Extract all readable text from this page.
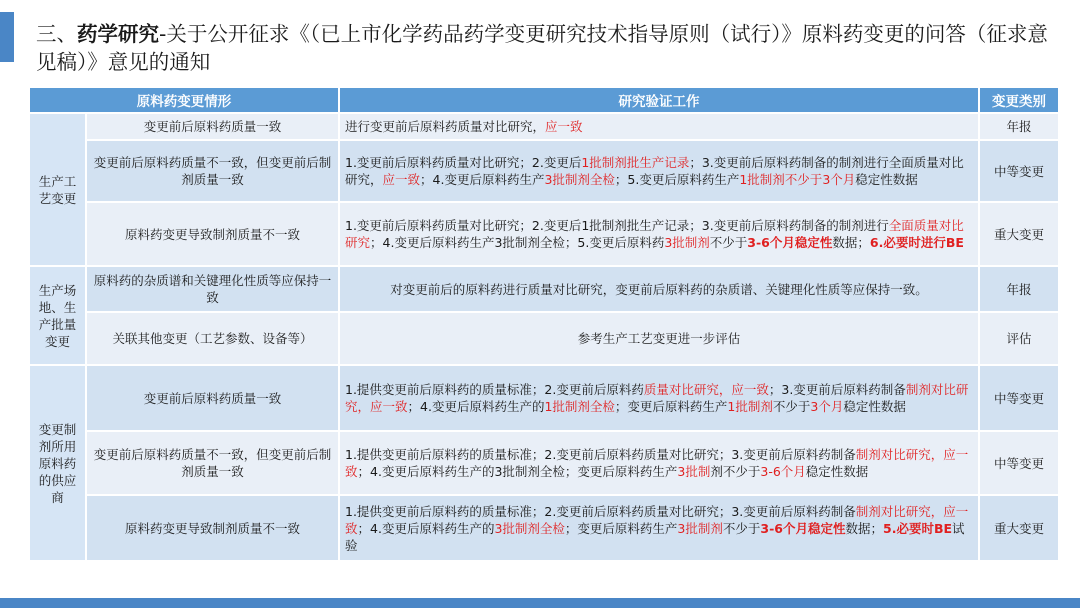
三、药学研究-关于公开征求《（已上市化学药品药学变更研究技术指导原则（试行）》原料药变更的问答（征求意见稿）》意见的通知
原料药变更情形		研究验证工作	变更类别
生产工艺变更	变更前后原料药质量一致	进行变更前后原料药质量对比研究，应一致	年报
	变更前后原料药质量不一致，但变更前后制剂质量一致	1.变更前后原料药质量对比研究；2.变更后1批制剂批生产记录；3.变更前后原料药制备的制剂进行全面质量对比研究，应一致；4.变更后原料药生产3批制剂全检；5.变更后原料药生产1批制剂不少于3个月稳定性数据	中等变更
	原料药变更导致制剂质量不一致	1.变更前后原料药质量对比研究；2.变更后1批制剂批生产记录；3.变更前后原料药制备的制剂进行全面质量对比研究；4.变更后原料药生产3批制剂全检；5.变更后原料药3批制剂不少于3-6个月稳定性数据；6.必要时进行BE	重大变更
生产场地、生产批量变更	原料药的杂质谱和关键理化性质等应保持一致	对变更前后的原料药进行质量对比研究，变更前后原料药的杂质谱、关键理化性质等应保持一致。	年报
	关联其他变更（工艺参数、设备等）	参考生产工艺变更进一步评估	评估
变更制剂所用原料药的供应商	变更前后原料药质量一致	1.提供变更前后原料药的质量标准；2.变更前后原料药质量对比研究，应一致；3.变更前后原料药制备制剂对比研究，应一致；4.变更后原料药生产的1批制剂全检；变更后原料药生产1批制剂不少于3个月稳定性数据	中等变更
	变更前后原料药质量不一致，但变更前后制剂质量一致	1.提供变更前后原料药的质量标准；2.变更前后原料药质量对比研究；3.变更前后原料药制备制剂对比研究，应一致；4.变更后原料药生产的3批制剂全检；变更后原料药生产3批制剂不少于3-6个月稳定性数据	中等变更
	原料药变更导致制剂质量不一致	1.提供变更前后原料药的质量标准；2.变更前后原料药质量对比研究；3.变更前后原料药制备制剂对比研究，应一致；4.变更后原料药生产的3批制剂全检；变更后原料药生产3批制剂不少于3-6个月稳定性数据；5.必要时BE试验	重大变更
